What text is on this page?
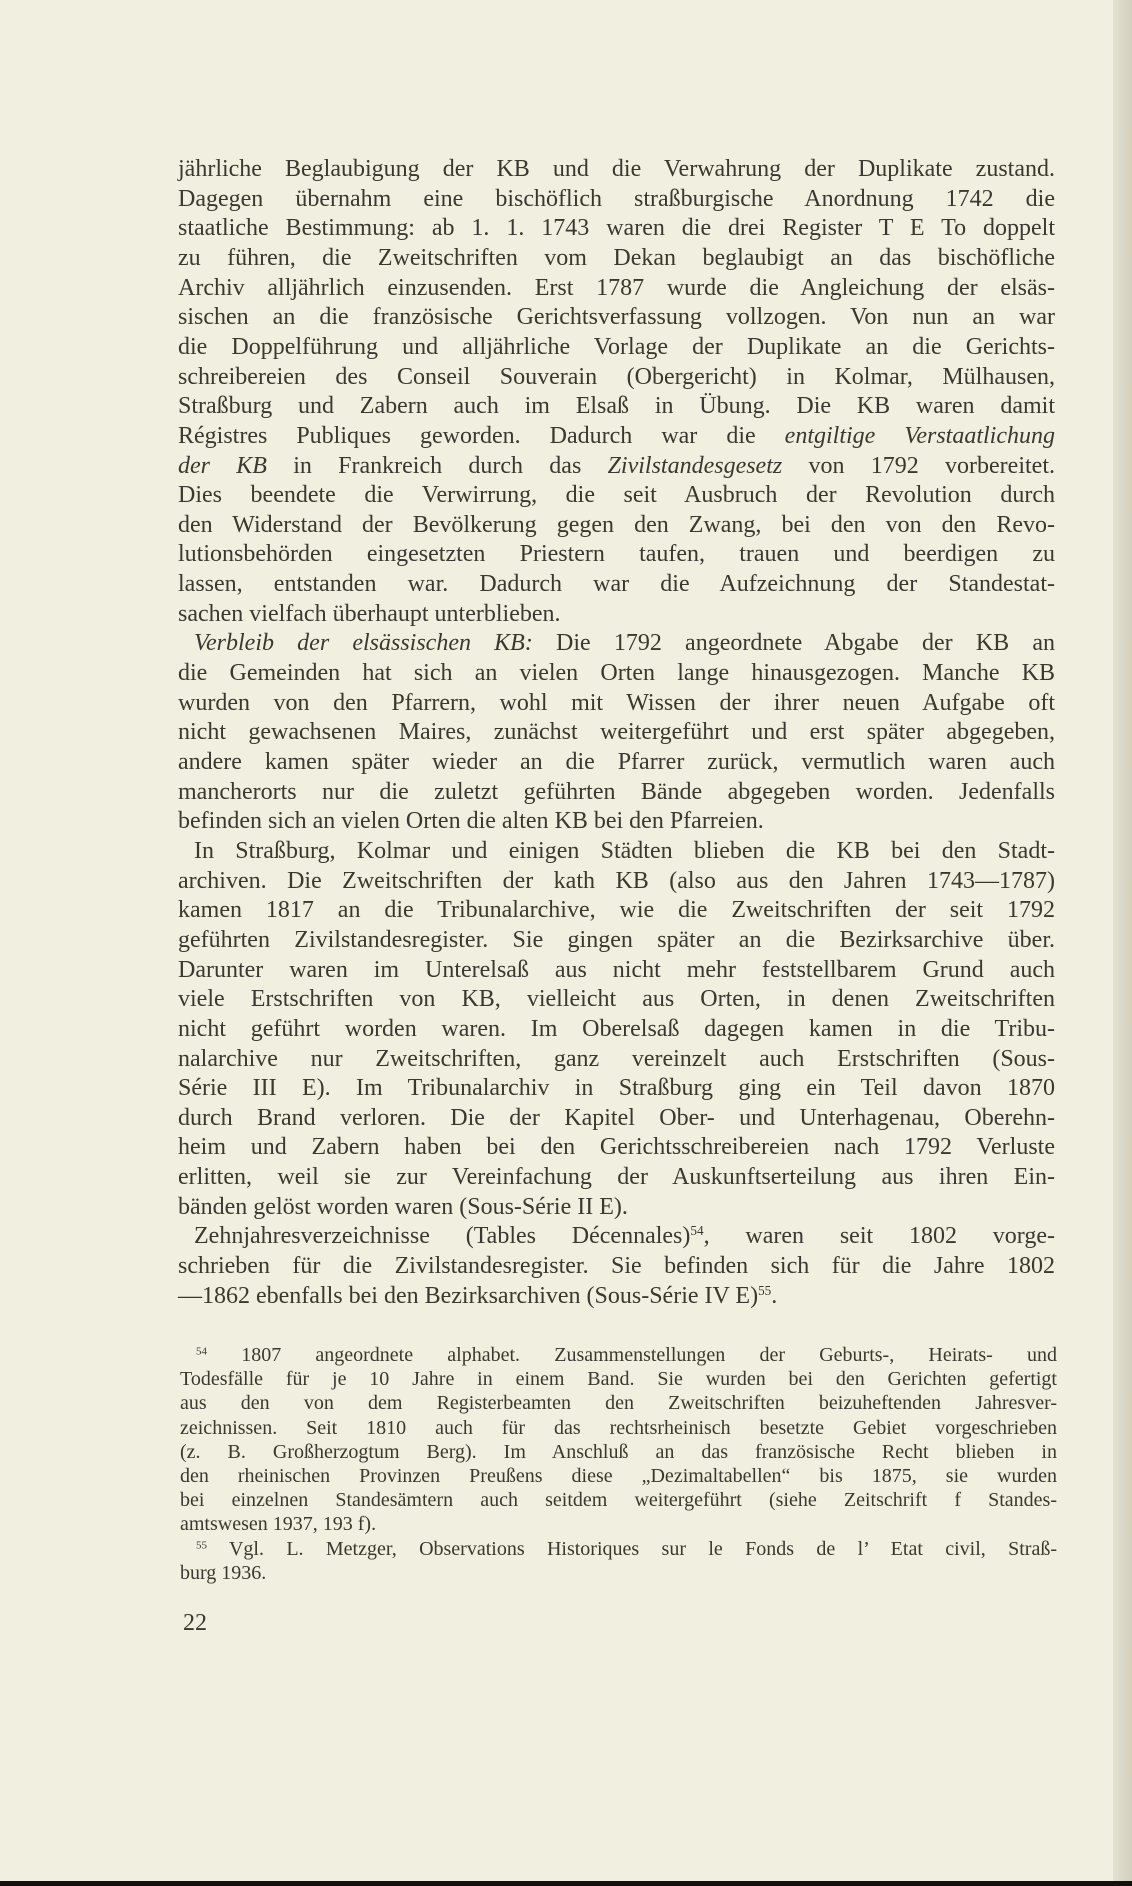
jährliche Beglaubigung der KB und die Verwahrung der Duplikate zustand.
Dagegen übernahm eine bischöflich straßburgische Anordnung 1742 die
staatliche Bestimmung: ab 1. 1. 1743 waren die drei Register T E To doppelt
zu führen, die Zweitschriften vom Dekan beglaubigt an das bischöfliche
Archiv alljährlich einzusenden. Erst 1787 wurde die Angleichung der elsäs-
sischen an die französische Gerichtsverfassung vollzogen. Von nun an war
die Doppelführung und alljährliche Vorlage der Duplikate an die Gerichts-
schreibereien des Conseil Souverain (Obergericht) in Kolmar, Mülhausen,
Straßburg und Zabern auch im Elsaß in Übung. Die KB waren damit
Régistres Publiques geworden. Dadurch war die entgiltige Verstaatlichung
der KB in Frankreich durch das Zivilstandesgesetz von 1792 vorbereitet.
Dies beendete die Verwirrung, die seit Ausbruch der Revolution durch
den Widerstand der Bevölkerung gegen den Zwang, bei den von den Revo-
lutionsbehörden eingesetzten Priestern taufen, trauen und beerdigen zu
lassen, entstanden war. Dadurch war die Aufzeichnung der Standestat-
sachen vielfach überhaupt unterblieben.
Verbleib der elsässischen KB: Die 1792 angeordnete Abgabe der KB an
die Gemeinden hat sich an vielen Orten lange hinausgezogen. Manche KB
wurden von den Pfarrern, wohl mit Wissen der ihrer neuen Aufgabe oft
nicht gewachsenen Maires, zunächst weitergeführt und erst später abgegeben,
andere kamen später wieder an die Pfarrer zurück, vermutlich waren auch
mancherorts nur die zuletzt geführten Bände abgegeben worden. Jedenfalls
befinden sich an vielen Orten die alten KB bei den Pfarreien.
In Straßburg, Kolmar und einigen Städten blieben die KB bei den Stadt-
archiven. Die Zweitschriften der kath KB (also aus den Jahren 1743—1787)
kamen 1817 an die Tribunalarchive, wie die Zweitschriften der seit 1792
geführten Zivilstandesregister. Sie gingen später an die Bezirksarchive über.
Darunter waren im Unterelsaß aus nicht mehr feststellbarem Grund auch
viele Erstschriften von KB, vielleicht aus Orten, in denen Zweitschriften
nicht geführt worden waren. Im Oberelsaß dagegen kamen in die Tribu-
nalarchive nur Zweitschriften, ganz vereinzelt auch Erstschriften (Sous-
Série III E). Im Tribunalarchiv in Straßburg ging ein Teil davon 1870
durch Brand verloren. Die der Kapitel Ober- und Unterhagenau, Oberehn-
heim und Zabern haben bei den Gerichtsschreibereien nach 1792 Verluste
erlitten, weil sie zur Vereinfachung der Auskunftserteilung aus ihren Ein-
bänden gelöst worden waren (Sous-Série II E).
Zehnjahresverzeichnisse (Tables Décennales)$^{54}$, waren seit 1802 vorge-
schrieben für die Zivilstandesregister. Sie befinden sich für die Jahre 1802
—1862 ebenfalls bei den Bezirksarchiven (Sous-Série IV E)$^{55}$.
$^{54}$ 1807 angeordnete alphabet. Zusammenstellungen der Geburts-, Heirats- und
Todesfälle für je 10 Jahre in einem Band. Sie wurden bei den Gerichten gefertigt
aus den von dem Registerbeamten den Zweitschriften beizuheftenden Jahresver-
zeichnissen. Seit 1810 auch für das rechtsrheinisch besetzte Gebiet vorgeschrieben
(z. B. Großherzogtum Berg). Im Anschluß an das französische Recht blieben in
den rheinischen Provinzen Preußens diese „Dezimaltabellen“ bis 1875, sie wurden
bei einzelnen Standesämtern auch seitdem weitergeführt (siehe Zeitschrift f Standes-
amtswesen 1937, 193 f).
$^{55}$ Vgl. L. Metzger, Observations Historiques sur le Fonds de l’ Etat civil, Straß-
burg 1936.
22
